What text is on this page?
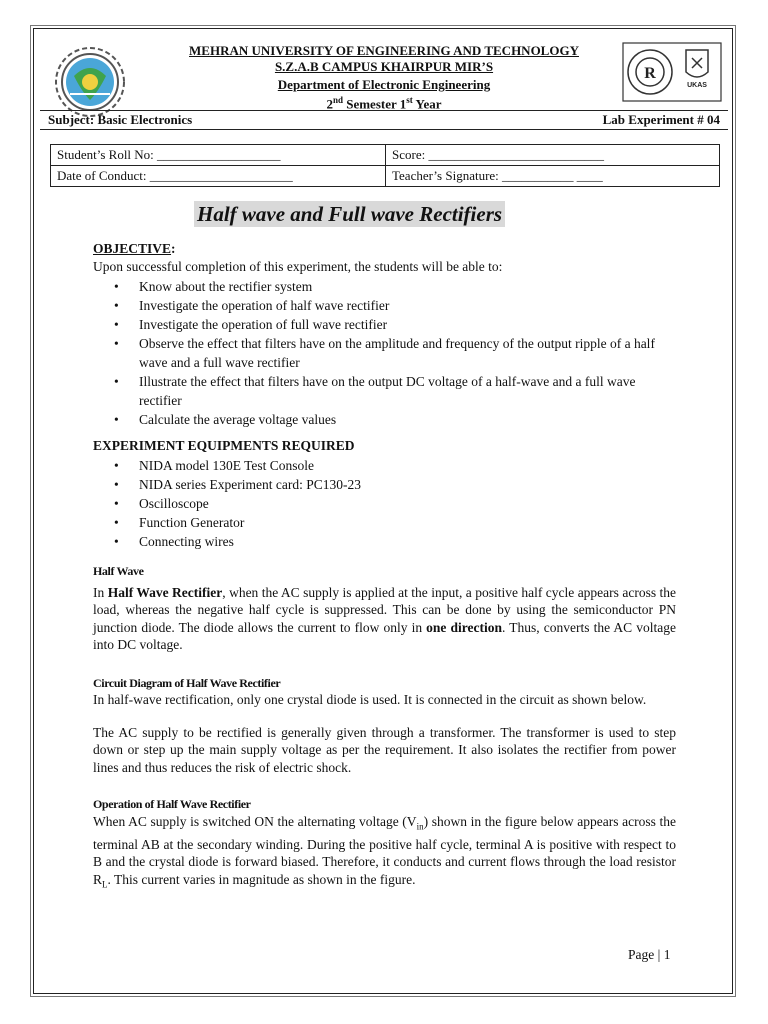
R
UKAS
MEHRAN UNIVERSITY OF ENGINEERING AND TECHNOLOGY
S.Z.A.B CAMPUS KHAIRPUR MIR’S
Department of Electronic Engineering
2nd Semester 1st Year
Subject: Basic Electronics	Lab Experiment # 04
Student’s Roll No: ___________________	Score: ___________________________
Date of Conduct: ______________________	Teacher’s Signature: ___________ ____
Half wave and Full wave Rectifiers
OBJECTIVE:
Upon successful completion of this experiment, the students will be able to:
• Know about the rectifier system
• Investigate the operation of half wave rectifier
• Investigate the operation of full wave rectifier
• Observe the effect that filters have on the amplitude and frequency of the output ripple of a half wave and a full wave rectifier
• Illustrate the effect that filters have on the output DC voltage of a half-wave and a full wave rectifier
• Calculate the average voltage values
EXPERIMENT EQUIPMENTS REQUIRED
• NIDA model 130E Test Console
• NIDA series Experiment card: PC130-23
• Oscilloscope
• Function Generator
• Connecting wires
Half Wave
In Half Wave Rectifier, when the AC supply is applied at the input, a positive half cycle appears across the load, whereas the negative half cycle is suppressed. This can be done by using the semiconductor PN junction diode. The diode allows the current to flow only in one direction. Thus, converts the AC voltage into DC voltage.
Circuit Diagram of Half Wave Rectifier
In half-wave rectification, only one crystal diode is used. It is connected in the circuit as shown below.
The AC supply to be rectified is generally given through a transformer. The transformer is used to step down or step up the main supply voltage as per the requirement. It also isolates the rectifier from power lines and thus reduces the risk of electric shock.
Operation of Half Wave Rectifier
When AC supply is switched ON the alternating voltage $(V_{in})$ shown in the figure below appears across the terminal AB at the secondary winding. During the positive half cycle, terminal A is positive with respect to B and the crystal diode is forward biased. Therefore, it conducts and current flows through the load resistor $R_L$. This current varies in magnitude as shown in the figure.
Page | 1
